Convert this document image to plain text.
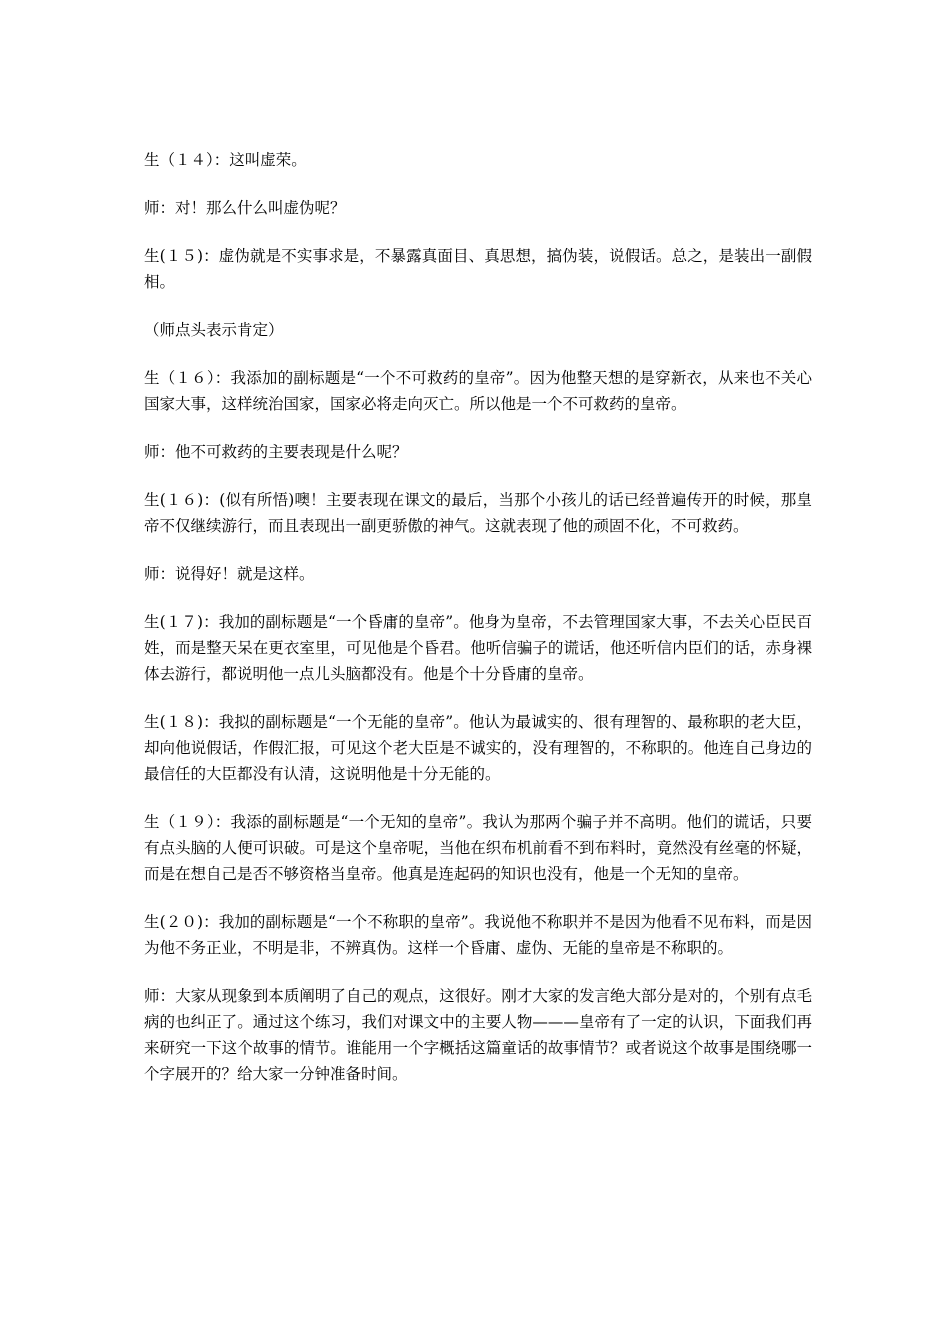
生（１４）：这叫虚荣。

师：对！那么什么叫虚伪呢？

生(１５)：虚伪就是不实事求是，不暴露真面目、真思想，搞伪装，说假话。总之，是装出一副假相。

（师点头表示肯定）

生（１６）：我添加的副标题是“一个不可救药的皇帝”。因为他整天想的是穿新衣，从来也不关心国家大事，这样统治国家，国家必将走向灭亡。所以他是一个不可救药的皇帝。

师：他不可救药的主要表现是什么呢？

生(１６)：(似有所悟)噢！主要表现在课文的最后，当那个小孩儿的话已经普遍传开的时候，那皇帝不仅继续游行，而且表现出一副更骄傲的神气。这就表现了他的顽固不化，不可救药。

师：说得好！就是这样。

生(１７)：我加的副标题是“一个昏庸的皇帝”。他身为皇帝，不去管理国家大事，不去关心臣民百姓，而是整天呆在更衣室里，可见他是个昏君。他听信骗子的谎话，他还听信内臣们的话，赤身裸体去游行，都说明他一点儿头脑都没有。他是个十分昏庸的皇帝。

生(１８)：我拟的副标题是“一个无能的皇帝”。他认为最诚实的、很有理智的、最称职的老大臣，却向他说假话，作假汇报，可见这个老大臣是不诚实的，没有理智的，不称职的。他连自己身边的最信任的大臣都没有认清，这说明他是十分无能的。

生（１９）：我添的副标题是“一个无知的皇帝”。我认为那两个骗子并不高明。他们的谎话，只要有点头脑的人便可识破。可是这个皇帝呢，当他在织布机前看不到布料时，竟然没有丝毫的怀疑，而是在想自己是否不够资格当皇帝。他真是连起码的知识也没有，他是一个无知的皇帝。

生(２０)：我加的副标题是“一个不称职的皇帝”。我说他不称职并不是因为他看不见布料，而是因为他不务正业，不明是非，不辨真伪。这样一个昏庸、虚伪、无能的皇帝是不称职的。

师：大家从现象到本质阐明了自己的观点，这很好。刚才大家的发言绝大部分是对的，个别有点毛病的也纠正了。通过这个练习，我们对课文中的主要人物———皇帝有了一定的认识，下面我们再来研究一下这个故事的情节。谁能用一个字概括这篇童话的故事情节？或者说这个故事是围绕哪一个字展开的？给大家一分钟准备时间。
